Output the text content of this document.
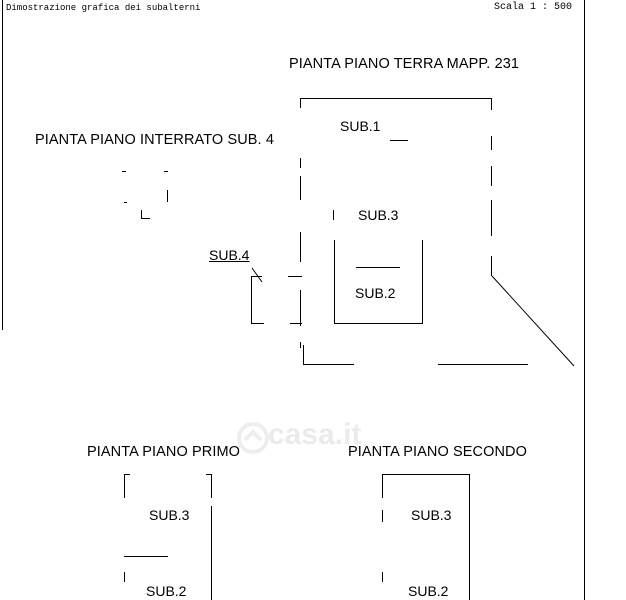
Dimostrazione grafica dei subalterni	Scala 1 : 500
casa.it
PIANTA PIANO TERRA MAPP. 231
PIANTA PIANO INTERRATO SUB. 4
PIANTA PIANO PRIMO	PIANTA PIANO SECONDO
SUB.1
SUB.3
SUB.2
SUB.4
SUB.3
SUB.2
SUB.3
SUB.2
